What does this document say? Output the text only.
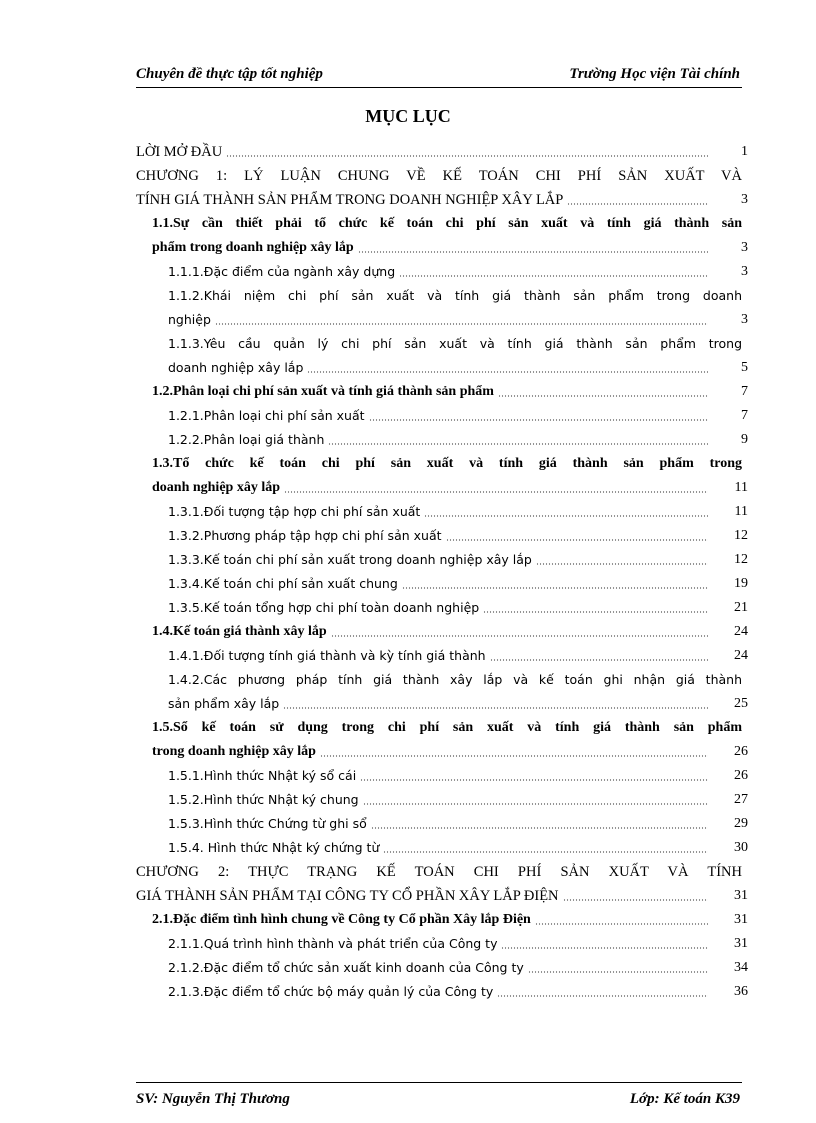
Chuyên đề thực tập tốt nghiệp	Trường Học viện Tài chính
MỤC LỤC
LỜI MỞ ĐẦU	1
CHƯƠNG 1: LÝ LUẬN CHUNG VỀ KẾ TOÁN CHI PHÍ SẢN XUẤT VÀ
TÍNH GIÁ THÀNH SẢN PHẨM TRONG DOANH NGHIỆP XÂY LẮP	3
1.1.Sự cần thiết phải tổ chức kế toán chi phí sản xuất và tính giá thành sản
phẩm trong doanh nghiệp xây lắp	3
1.1.1.Đặc điểm của ngành xây dựng	3
1.1.2.Khái niệm chi phí sản xuất và tính giá thành sản phẩm trong doanh
nghiệp	3
1.1.3.Yêu cầu quản lý chi phí sản xuất và tính giá thành sản phẩm trong
doanh nghiệp xây lắp	5
1.2.Phân loại chi phí sản xuất và tính giá thành sản phẩm	7
1.2.1.Phân loại chi phí sản xuất	7
1.2.2.Phân loại giá thành	9
1.3.Tổ chức kế toán chi phí sản xuất và tính giá thành sản phẩm trong
doanh nghiệp xây lắp	11
1.3.1.Đối tượng tập hợp chi phí sản xuất	11
1.3.2.Phương pháp tập hợp chi phí sản xuất	12
1.3.3.Kế toán chi phí sản xuất trong doanh nghiệp xây lắp	12
1.3.4.Kế toán chi phí sản xuất chung	19
1.3.5.Kế toán tổng hợp chi phí toàn doanh nghiệp	21
1.4.Kế toán giá thành xây lắp	24
1.4.1.Đối tượng tính giá thành và kỳ tính giá thành	24
1.4.2.Các phương pháp tính giá thành xây lắp và kế toán ghi nhận giá thành
sản phẩm xây lắp	25
1.5.Sổ kế toán sử dụng trong chi phí sản xuất và tính giá thành sản phẩm
trong doanh nghiệp xây lắp	26
1.5.1.Hình thức Nhật ký sổ cái	26
1.5.2.Hình thức Nhật ký chung	27
1.5.3.Hình thức Chứng từ ghi sổ	29
1.5.4. Hình thức Nhật ký chứng từ	30
CHƯƠNG 2: THỰC TRẠNG KẾ TOÁN CHI PHÍ SẢN XUẤT VÀ TÍNH
GIÁ THÀNH SẢN PHẨM TẠI CÔNG TY CỔ PHẦN XÂY LẮP ĐIỆN	31
2.1.Đặc điểm tình hình chung về Công ty Cổ phần Xây lắp Điện	31
2.1.1.Quá trình hình thành và phát triển của Công ty	31
2.1.2.Đặc điểm tổ chức sản xuất kinh doanh của Công ty	34
2.1.3.Đặc điểm tổ chức bộ máy quản lý của Công ty	36
SV: Nguyễn Thị Thương	Lớp: Kế toán K39
